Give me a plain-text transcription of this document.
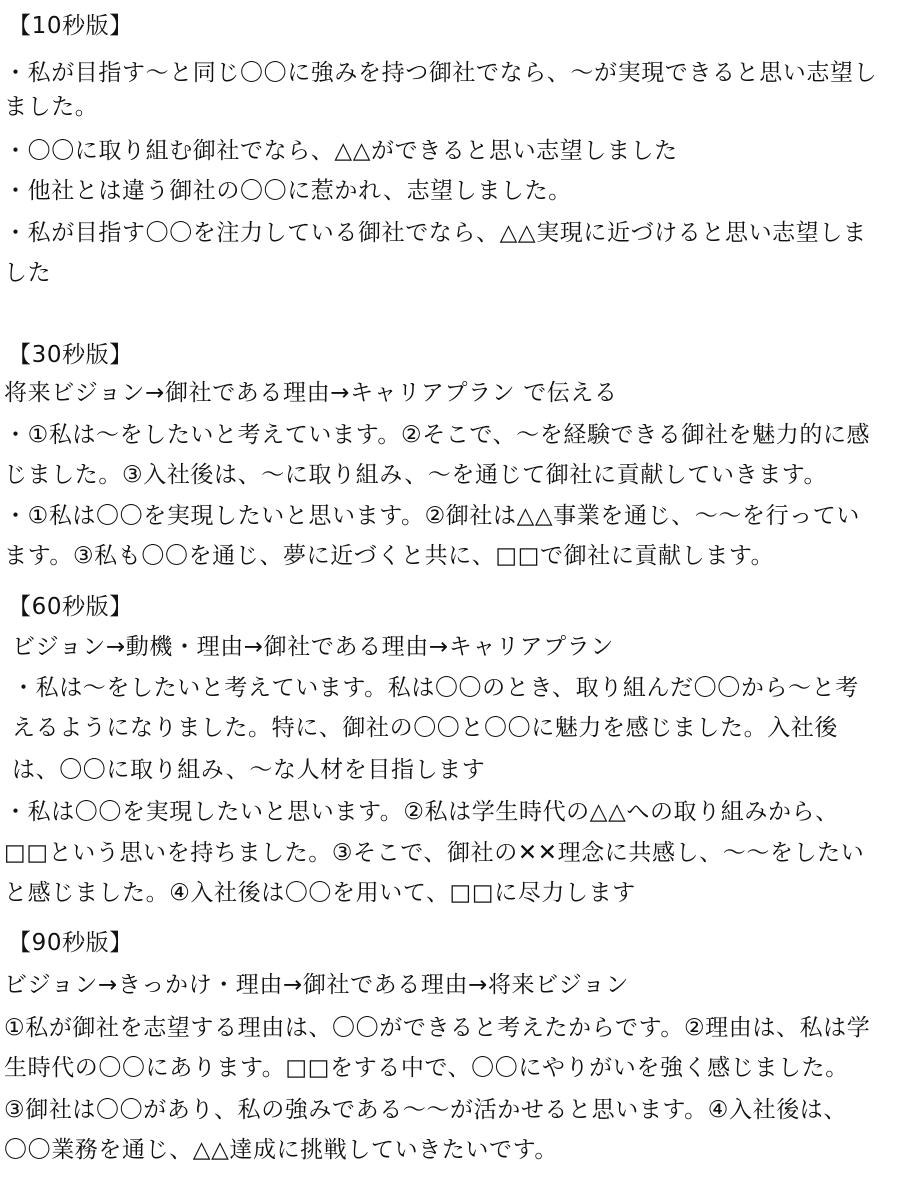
【10秒版】
・私が目指す～と同じ〇〇に強みを持つ御社でなら、～が実現できると思い志望し
ました。
・〇〇に取り組む御社でなら、△△ができると思い志望しました
・他社とは違う御社の〇〇に惹かれ、志望しました。
・私が目指す〇〇を注力している御社でなら、△△実現に近づけると思い志望しま
した
【30秒版】
将来ビジョン→御社である理由→キャリアプラン で伝える
・①私は～をしたいと考えています。②そこで、～を経験できる御社を魅力的に感
じました。③入社後は、～に取り組み、～を通じて御社に貢献していきます。
・①私は〇〇を実現したいと思います。②御社は△△事業を通じ、～～を行ってい
ます。③私も〇〇を通じ、夢に近づくと共に、□□で御社に貢献します。
【60秒版】
ビジョン→動機・理由→御社である理由→キャリアプラン
・私は～をしたいと考えています。私は〇〇のとき、取り組んだ〇〇から～と考
えるようになりました。特に、御社の〇〇と〇〇に魅力を感じました。入社後
は、〇〇に取り組み、～な人材を目指します
・私は〇〇を実現したいと思います。②私は学生時代の△△への取り組みから、
□□という思いを持ちました。③そこで、御社の✕✕理念に共感し、～～をしたい
と感じました。④入社後は〇〇を用いて、□□に尽力します
【90秒版】
ビジョン→きっかけ・理由→御社である理由→将来ビジョン
①私が御社を志望する理由は、〇〇ができると考えたからです。②理由は、私は学
生時代の〇〇にあります。□□をする中で、〇〇にやりがいを強く感じました。
③御社は〇〇があり、私の強みである～～が活かせると思います。④入社後は、
〇〇業務を通じ、△△達成に挑戦していきたいです。
